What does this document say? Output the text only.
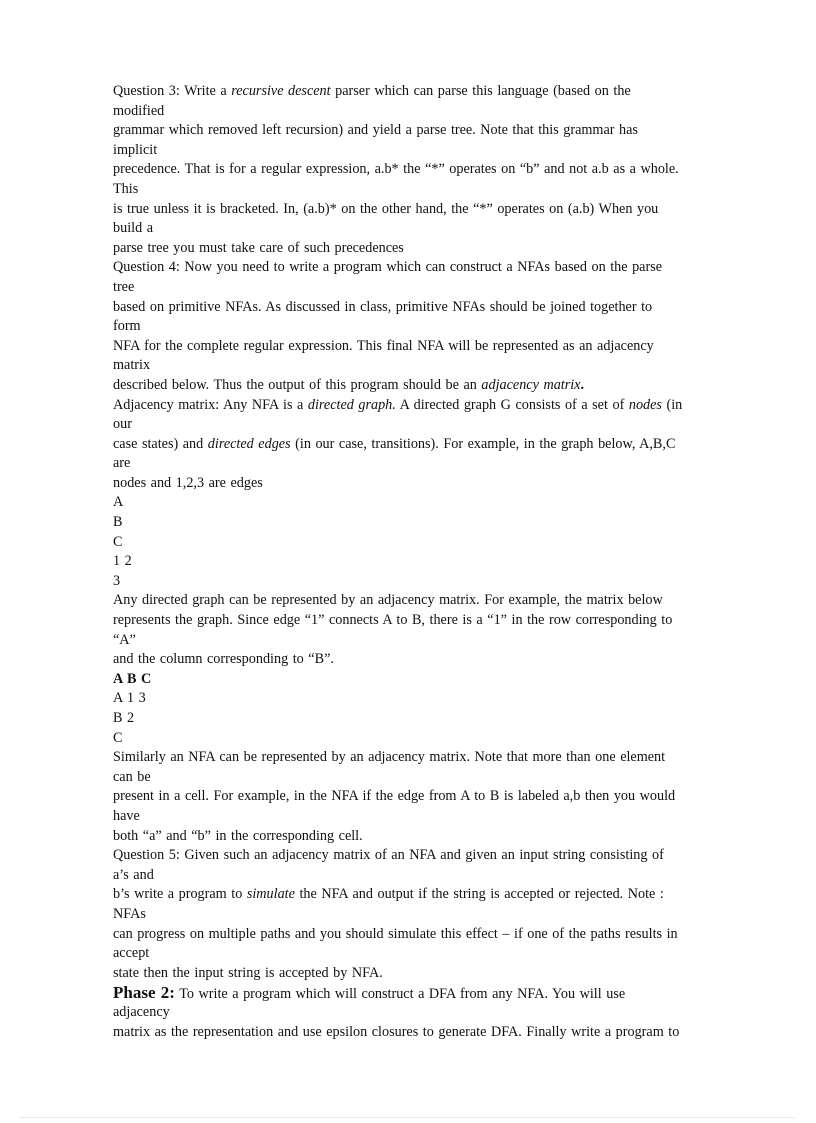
Question 3: Write a recursive descent parser which can parse this language (based on the
modified
grammar which removed left recursion) and yield a parse tree. Note that this grammar has
implicit
precedence. That is for a regular expression, a.b* the “*” operates on “b” and not a.b as a whole.
This
is true unless it is bracketed. In, (a.b)* on the other hand, the “*” operates on (a.b) When you
build a
parse tree you must take care of such precedences
Question 4: Now you need to write a program which can construct a NFAs based on the parse
tree
based on primitive NFAs. As discussed in class, primitive NFAs should be joined together to
form
NFA for the complete regular expression. This final NFA will be represented as an adjacency
matrix
described below. Thus the output of this program should be an adjacency matrix.
Adjacency matrix: Any NFA is a directed graph. A directed graph G consists of a set of nodes (in
our
case states) and directed edges (in our case, transitions). For example, in the graph below, A,B,C
are
nodes and 1,2,3 are edges
A
B
C
1 2
3
Any directed graph can be represented by an adjacency matrix. For example, the matrix below
represents the graph. Since edge “1” connects A to B, there is a “1” in the row corresponding to
“A”
and the column corresponding to “B”.
A B C
A 1 3
B 2
C
Similarly an NFA can be represented by an adjacency matrix. Note that more than one element
can be
present in a cell. For example, in the NFA if the edge from A to B is labeled a,b then you would
have
both “a” and “b” in the corresponding cell.
Question 5: Given such an adjacency matrix of an NFA and given an input string consisting of
a’s and
b’s write a program to simulate the NFA and output if the string is accepted or rejected. Note :
NFAs
can progress on multiple paths and you should simulate this effect – if one of the paths results in
accept
state then the input string is accepted by NFA.
Phase 2: To write a program which will construct a DFA from any NFA. You will use
adjacency
matrix as the representation and use epsilon closures to generate DFA. Finally write a program to
